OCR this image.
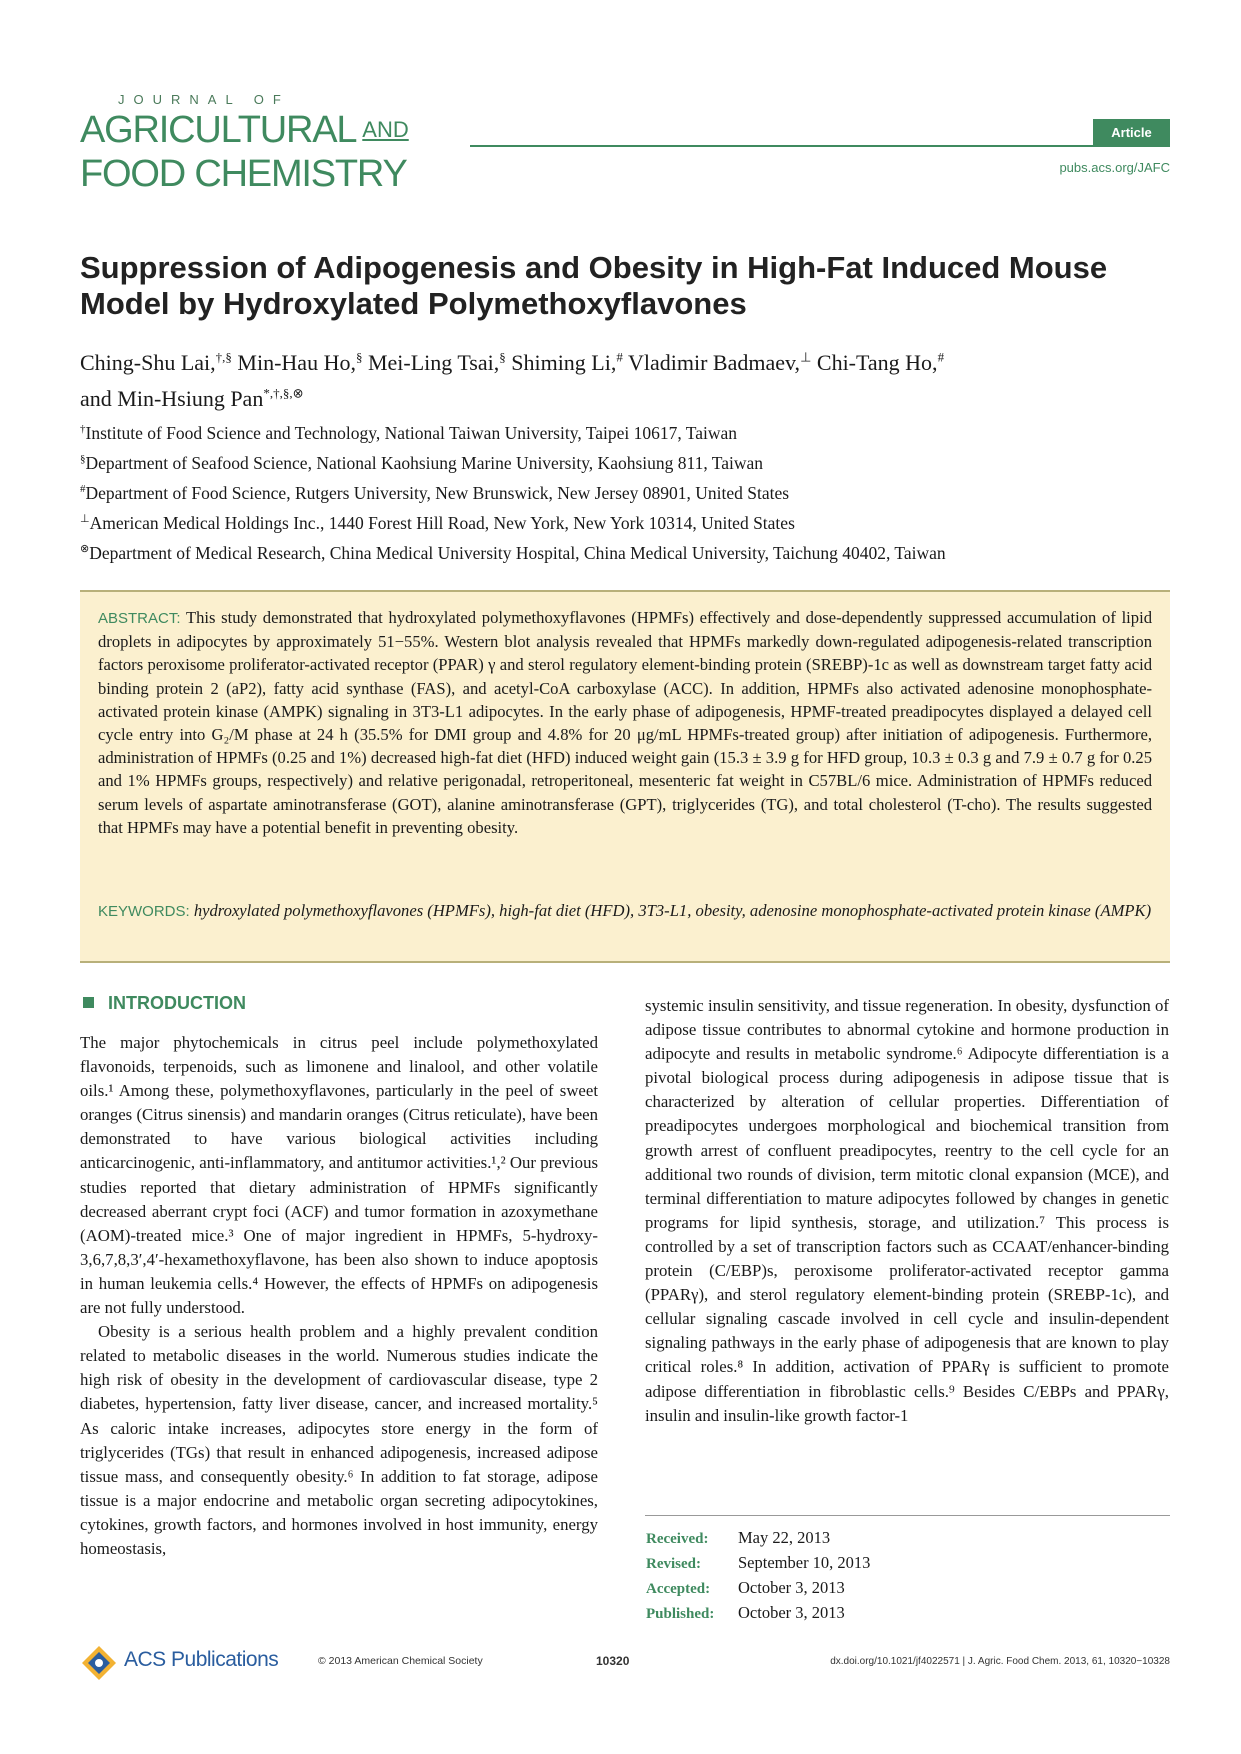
JOURNAL OF
AGRICULTURAL $^{AND}$
FOOD CHEMISTRY
Article
pubs.acs.org/JAFC
Suppression of Adipogenesis and Obesity in High-Fat Induced Mouse Model by Hydroxylated Polymethoxyflavones
Ching-Shu Lai,†,§ Min-Hau Ho,§ Mei-Ling Tsai,§ Shiming Li,# Vladimir Badmaev,⊥ Chi-Tang Ho,#
and Min-Hsiung Pan*,†,§,⊗
†Institute of Food Science and Technology, National Taiwan University, Taipei 10617, Taiwan
§Department of Seafood Science, National Kaohsiung Marine University, Kaohsiung 811, Taiwan
#Department of Food Science, Rutgers University, New Brunswick, New Jersey 08901, United States
⊥American Medical Holdings Inc., 1440 Forest Hill Road, New York, New York 10314, United States
⊗Department of Medical Research, China Medical University Hospital, China Medical University, Taichung 40402, Taiwan
ABSTRACT: This study demonstrated that hydroxylated polymethoxyflavones (HPMFs) effectively and dose-dependently suppressed accumulation of lipid droplets in adipocytes by approximately 51−55%. Western blot analysis revealed that HPMFs markedly down-regulated adipogenesis-related transcription factors peroxisome proliferator-activated receptor (PPAR) γ and sterol regulatory element-binding protein (SREBP)-1c as well as downstream target fatty acid binding protein 2 (aP2), fatty acid synthase (FAS), and acetyl-CoA carboxylase (ACC). In addition, HPMFs also activated adenosine monophosphate-activated protein kinase (AMPK) signaling in 3T3-L1 adipocytes. In the early phase of adipogenesis, HPMF-treated preadipocytes displayed a delayed cell cycle entry into G₂/M phase at 24 h (35.5% for DMI group and 4.8% for 20 μg/mL HPMFs-treated group) after initiation of adipogenesis. Furthermore, administration of HPMFs (0.25 and 1%) decreased high-fat diet (HFD) induced weight gain (15.3 ± 3.9 g for HFD group, 10.3 ± 0.3 g and 7.9 ± 0.7 g for 0.25 and 1% HPMFs groups, respectively) and relative perigonadal, retroperitoneal, mesenteric fat weight in C57BL/6 mice. Administration of HPMFs reduced serum levels of aspartate aminotransferase (GOT), alanine aminotransferase (GPT), triglycerides (TG), and total cholesterol (T-cho). The results suggested that HPMFs may have a potential benefit in preventing obesity.
KEYWORDS: hydroxylated polymethoxyflavones (HPMFs), high-fat diet (HFD), 3T3-L1, obesity, adenosine monophosphate-activated protein kinase (AMPK)
INTRODUCTION

The major phytochemicals in citrus peel include polymethoxylated flavonoids, terpenoids, such as limonene and linalool, and other volatile oils.¹ Among these, polymethoxyflavones, particularly in the peel of sweet oranges (Citrus sinensis) and mandarin oranges (Citrus reticulate), have been demonstrated to have various biological activities including anticarcinogenic, anti-inflammatory, and antitumor activities.¹,² Our previous studies reported that dietary administration of HPMFs significantly decreased aberrant crypt foci (ACF) and tumor formation in azoxymethane (AOM)-treated mice.³ One of major ingredient in HPMFs, 5-hydroxy-3,6,7,8,3′,4′-hexamethoxyflavone, has been also shown to induce apoptosis in human leukemia cells.⁴ However, the effects of HPMFs on adipogenesis are not fully understood.

Obesity is a serious health problem and a highly prevalent condition related to metabolic diseases in the world. Numerous studies indicate the high risk of obesity in the development of cardiovascular disease, type 2 diabetes, hypertension, fatty liver disease, cancer, and increased mortality.⁵ As caloric intake increases, adipocytes store energy in the form of triglycerides (TGs) that result in enhanced adipogenesis, increased adipose tissue mass, and consequently obesity.⁶ In addition to fat storage, adipose tissue is a major endocrine and metabolic organ secreting adipocytokines, cytokines, growth factors, and hormones involved in host immunity, energy homeostasis,

systemic insulin sensitivity, and tissue regeneration. In obesity, dysfunction of adipose tissue contributes to abnormal cytokine and hormone production in adipocyte and results in metabolic syndrome.⁶ Adipocyte differentiation is a pivotal biological process during adipogenesis in adipose tissue that is characterized by alteration of cellular properties. Differentiation of preadipocytes undergoes morphological and biochemical transition from growth arrest of confluent preadipocytes, reentry to the cell cycle for an additional two rounds of division, term mitotic clonal expansion (MCE), and terminal differentiation to mature adipocytes followed by changes in genetic programs for lipid synthesis, storage, and utilization.⁷ This process is controlled by a set of transcription factors such as CCAAT/enhancer-binding protein (C/EBP)s, peroxisome proliferator-activated receptor gamma (PPARγ), and sterol regulatory element-binding protein (SREBP-1c), and cellular signaling cascade involved in cell cycle and insulin-dependent signaling pathways in the early phase of adipogenesis that are known to play critical roles.⁸ In addition, activation of PPARγ is sufficient to promote adipose differentiation in fibroblastic cells.⁹ Besides C/EBPs and PPARγ, insulin and insulin-like growth factor-1

Received: May 22, 2013
Revised: September 10, 2013
Accepted: October 3, 2013
Published: October 3, 2013
ACS Publications	© 2013 American Chemical Society	10320	dx.doi.org/10.1021/jf4022571 | J. Agric. Food Chem. 2013, 61, 10320−10328
